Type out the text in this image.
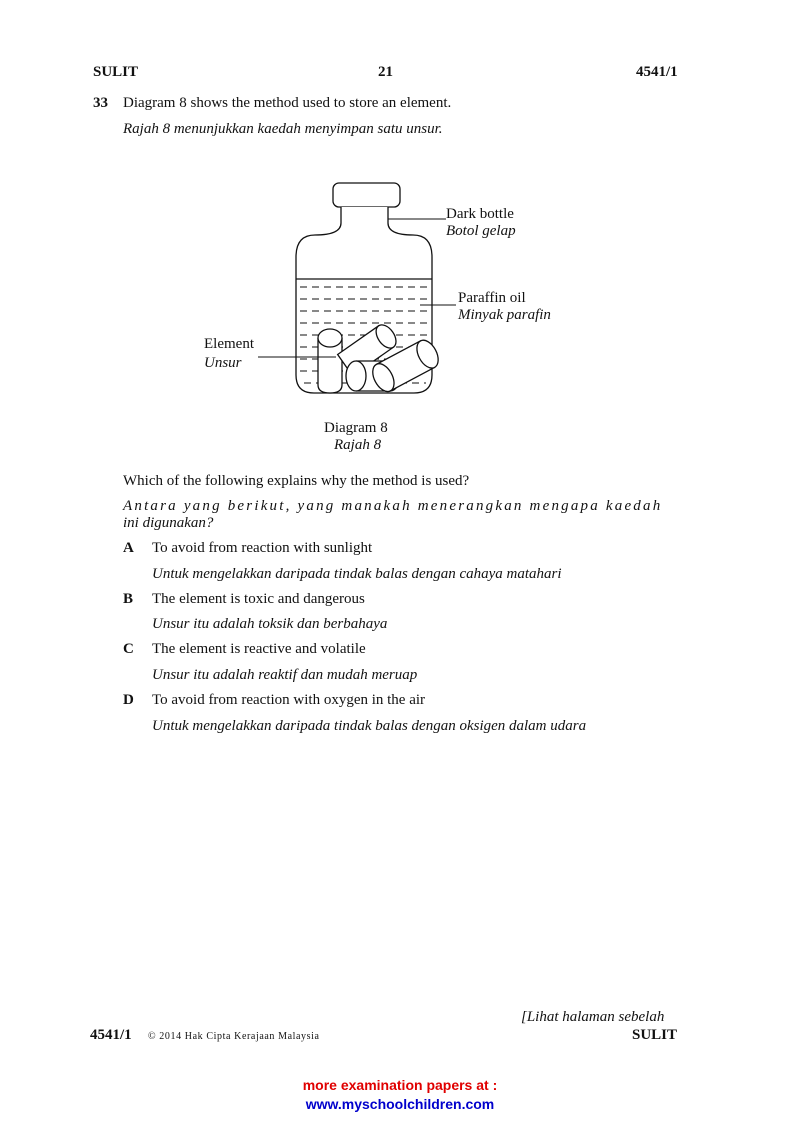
SULIT	21	4541/1
33 Diagram 8 shows the method used to store an element.
Rajah 8 menunjukkan kaedah menyimpan satu unsur.
Dark bottle
Botol gelap
Paraffin oil
Minyak parafin
Element
Unsur
Diagram 8
Rajah 8
Which of the following explains why the method is used?
Antara yang berikut, yang manakah menerangkan mengapa kaedah
ini digunakan?
A To avoid from reaction with sunlight
Untuk mengelakkan daripada tindak balas dengan cahaya matahari
B The element is toxic and dangerous
Unsur itu adalah toksik dan berbahaya
C The element is reactive and volatile
Unsur itu adalah reaktif dan mudah meruap
D To avoid from reaction with oxygen in the air
Untuk mengelakkan daripada tindak balas dengan oksigen dalam udara
[Lihat halaman sebelah
4541/1 © 2014 Hak Cipta Kerajaan Malaysia	SULIT
more examination papers at :
www.myschoolchildren.com
